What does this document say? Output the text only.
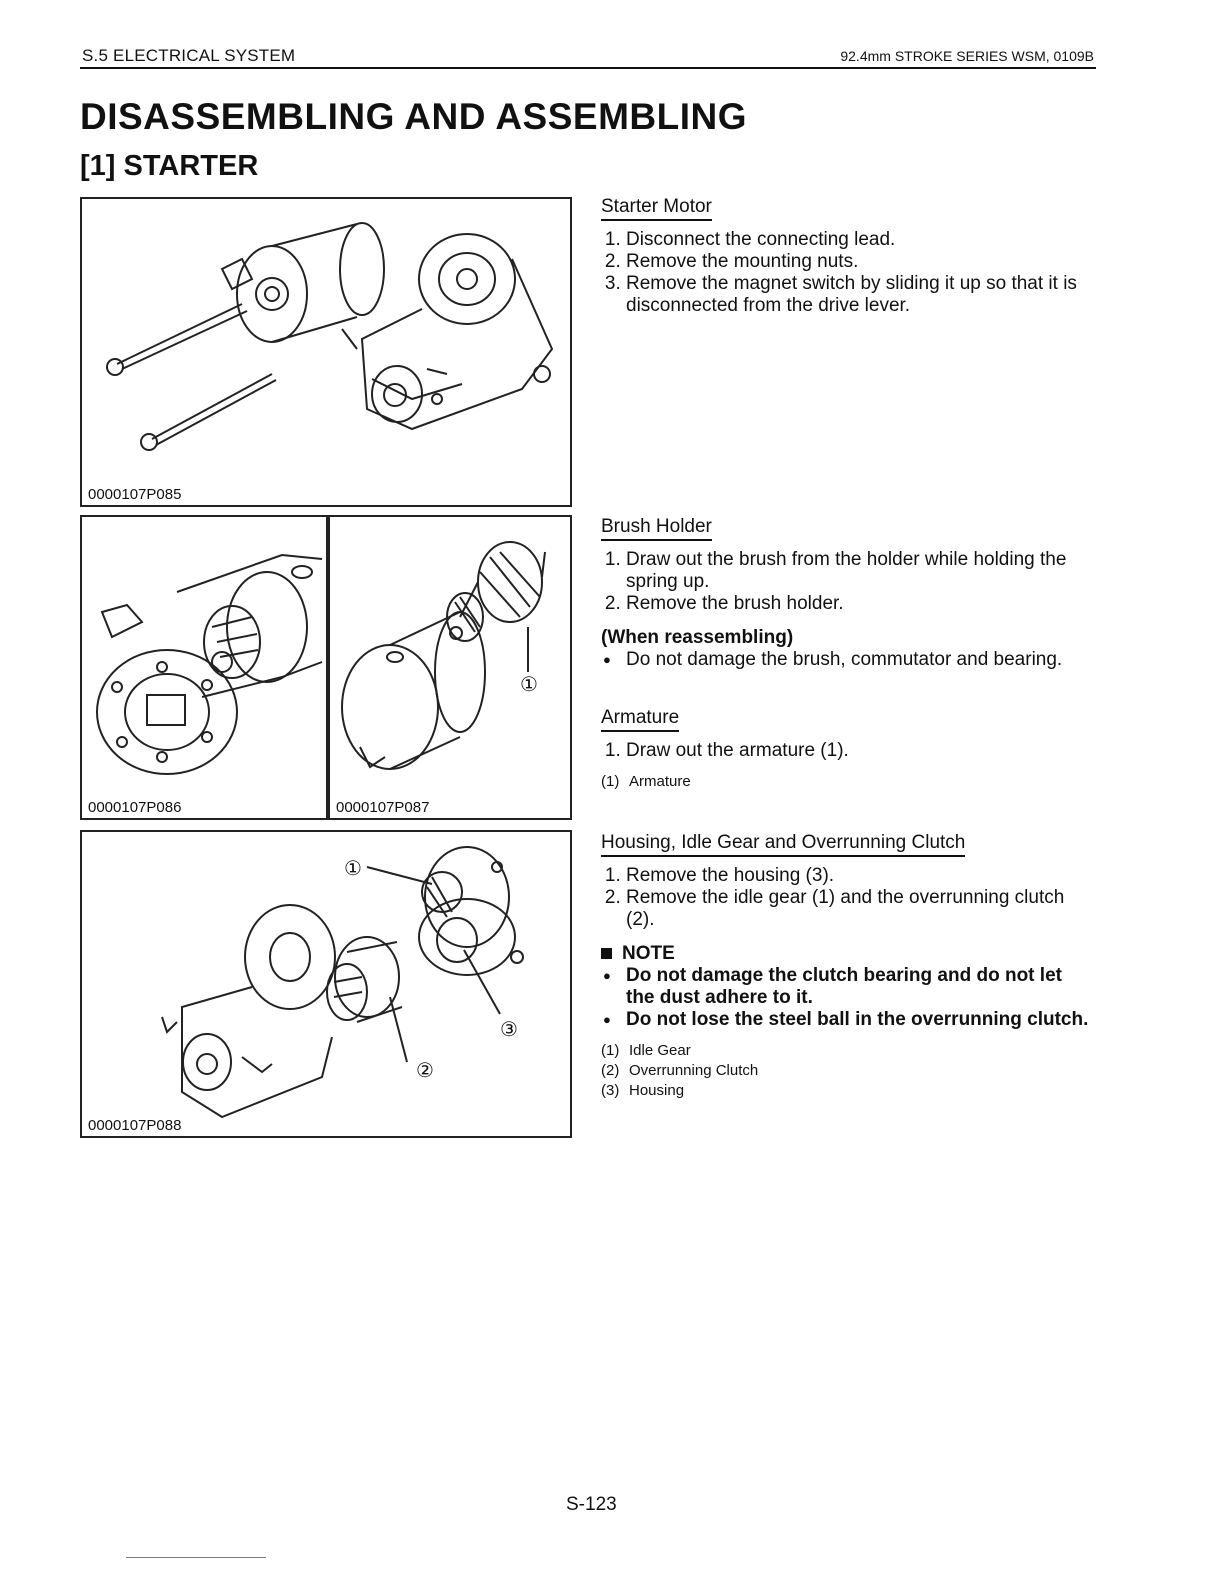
S.5 ELECTRICAL SYSTEM	92.4mm STROKE SERIES WSM, 0109B
DISASSEMBLING AND ASSEMBLING
[1] STARTER
0000107P085
0000107P086
①
0000107P087
①
②
③
0000107P088
Starter Motor
1. Disconnect the connecting lead.
2. Remove the mounting nuts.
3. Remove the magnet switch by sliding it up so that it is disconnected from the drive lever.
Brush Holder
1. Draw out the brush from the holder while holding the spring up.
2. Remove the brush holder.
(When reassembling)
● Do not damage the brush, commutator and bearing.
Armature
1. Draw out the armature (1).
(1) Armature
Housing, Idle Gear and Overrunning Clutch
1. Remove the housing (3).
2. Remove the idle gear (1) and the overrunning clutch (2).
NOTE
● Do not damage the clutch bearing and do not let the dust adhere to it.
● Do not lose the steel ball in the overrunning clutch.
(1) Idle Gear
(2) Overrunning Clutch
(3) Housing
S-123
